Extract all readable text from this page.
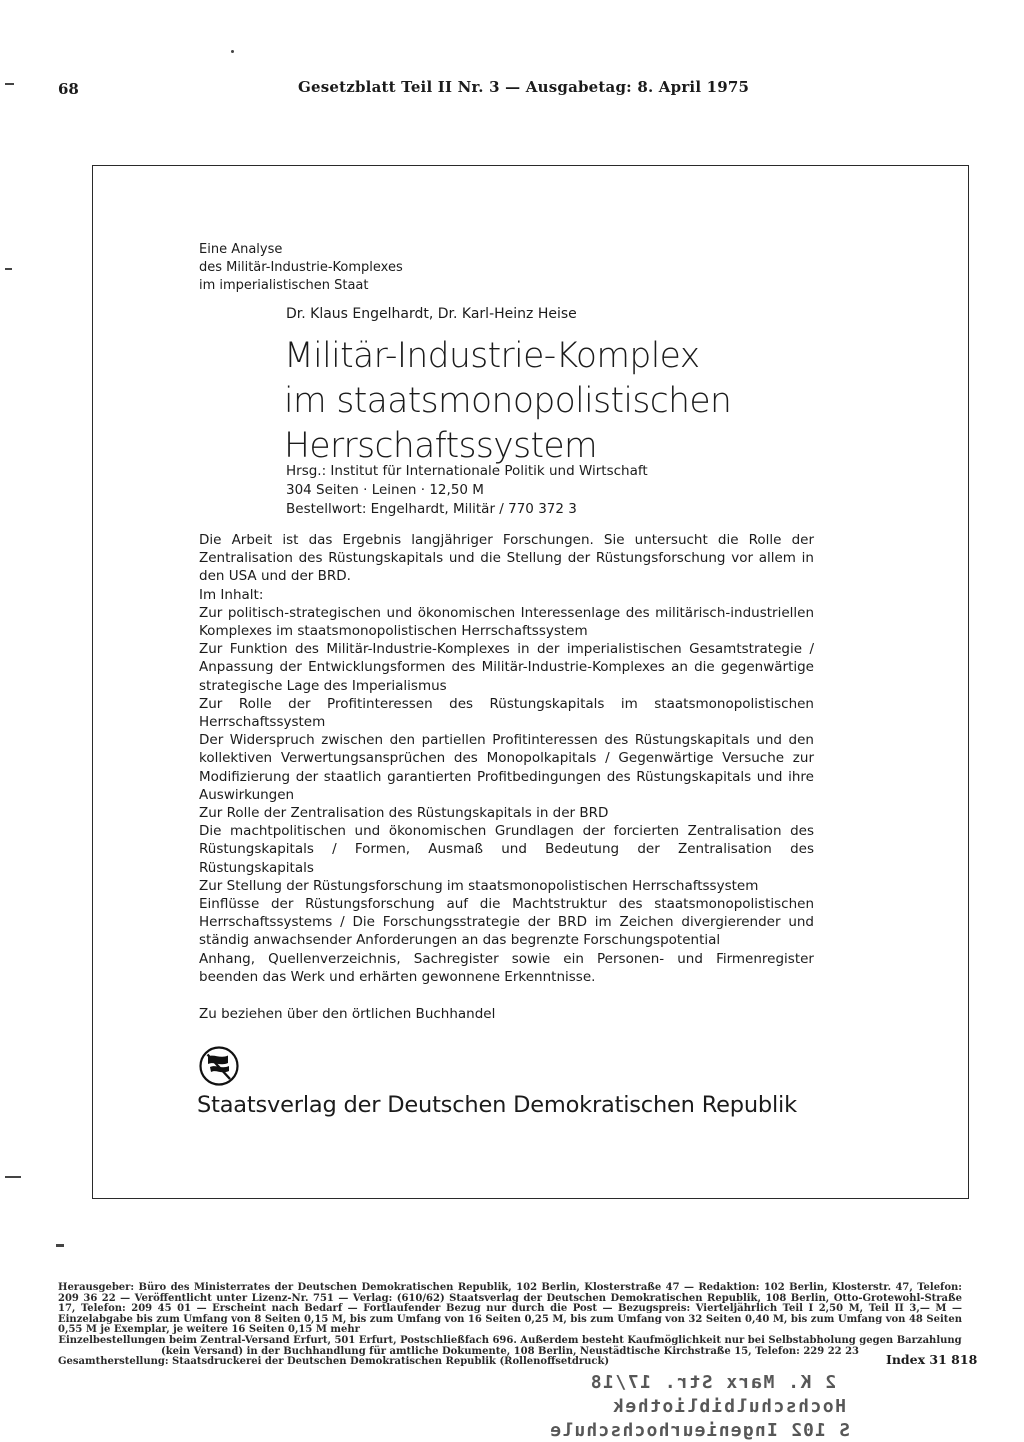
68	Gesetzblatt Teil II Nr. 3 — Ausgabetag: 8. April 1975
Eine Analyse
des Militär-Industrie-Komplexes
im imperialistischen Staat
Dr. Klaus Engelhardt, Dr. Karl-Heinz Heise
Militär-Industrie-Komplex
im staatsmonopolistischen
Herrschaftssystem
Hrsg.: Institut für Internationale Politik und Wirtschaft
304 Seiten · Leinen · 12,50 M
Bestellwort: Engelhardt, Militär / 770 372 3

Die Arbeit ist das Ergebnis langjähriger Forschungen. Sie untersucht die Rolle der Zentralisation des Rüstungskapitals und die Stellung der Rüstungsforschung vor allem in den USA und der BRD.

Im Inhalt:

Zur politisch-strategischen und ökonomischen Interessenlage des militärisch-industriellen Komplexes im staatsmonopolistischen Herrschaftssystem

Zur Funktion des Militär-Industrie-Komplexes in der imperialistischen Gesamtstrategie / Anpassung der Entwicklungsformen des Militär-Industrie-Komplexes an die gegenwärtige strategische Lage des Imperialismus

Zur Rolle der Profitinteressen des Rüstungskapitals im staatsmonopolistischen Herrschaftssystem

Der Widerspruch zwischen den partiellen Profitinteressen des Rüstungskapitals und den kollektiven Verwertungsansprüchen des Monopolkapitals / Gegenwärtige Versuche zur Modifizierung der staatlich garantierten Profitbedingungen des Rüstungskapitals und ihre Auswirkungen

Zur Rolle der Zentralisation des Rüstungskapitals in der BRD

Die machtpolitischen und ökonomischen Grundlagen der forcierten Zentralisation des Rüstungskapitals / Formen, Ausmaß und Bedeutung der Zentralisation des Rüstungskapitals

Zur Stellung der Rüstungsforschung im staatsmonopolistischen Herrschaftssystem

Einflüsse der Rüstungsforschung auf die Machtstruktur des staatsmonopolistischen Herrschaftssystems / Die Forschungsstrategie der BRD im Zeichen divergierender und ständig anwachsender Anforderungen an das begrenzte Forschungspotential

Anhang, Quellenverzeichnis, Sachregister sowie ein Personen- und Firmenregister beenden das Werk und erhärten gewonnene Erkenntnisse.

Zu beziehen über den örtlichen Buchhandel
Staatsverlag der Deutschen Demokratischen Republik

Herausgeber: Büro des Ministerrates der Deutschen Demokratischen Republik, 102 Berlin, Klosterstraße 47 — Redaktion: 102 Berlin, Klosterstr. 47, Telefon: 209 36 22 — Veröffentlicht unter Lizenz-Nr. 751 — Verlag: (610/62) Staatsverlag der Deutschen Demokratischen Republik, 108 Berlin, Otto-Grotewohl-Straße 17, Telefon: 209 45 01 — Erscheint nach Bedarf — Fortlaufender Bezug nur durch die Post — Bezugspreis: Vierteljährlich Teil I 2,50 M, Teil II 3,— M — Einzelabgabe bis zum Umfang von 8 Seiten 0,15 M, bis zum Umfang von 16 Seiten 0,25 M, bis zum Umfang von 32 Seiten 0,40 M, bis zum Umfang von 48 Seiten 0,55 M je Exemplar, je weitere 16 Seiten 0,15 M mehr

Einzelbestellungen beim Zentral-Versand Erfurt, 501 Erfurt, Postschließfach 696. Außerdem besteht Kaufmöglichkeit nur bei Selbstabholung gegen Barzahlung (kein Versand) in der Buchhandlung für amtliche Dokumente, 108 Berlin, Neustädtische Kirchstraße 15, Telefon: 229 22 23

Gesamtherstellung: Staatsdruckerei der Deutschen Demokratischen Republik (Rollenoffsetdruck)	Index 31 818
2 K. Marx Str. 17/18
Hochschulbibliothek
S 102 Ingenieurhochschule
